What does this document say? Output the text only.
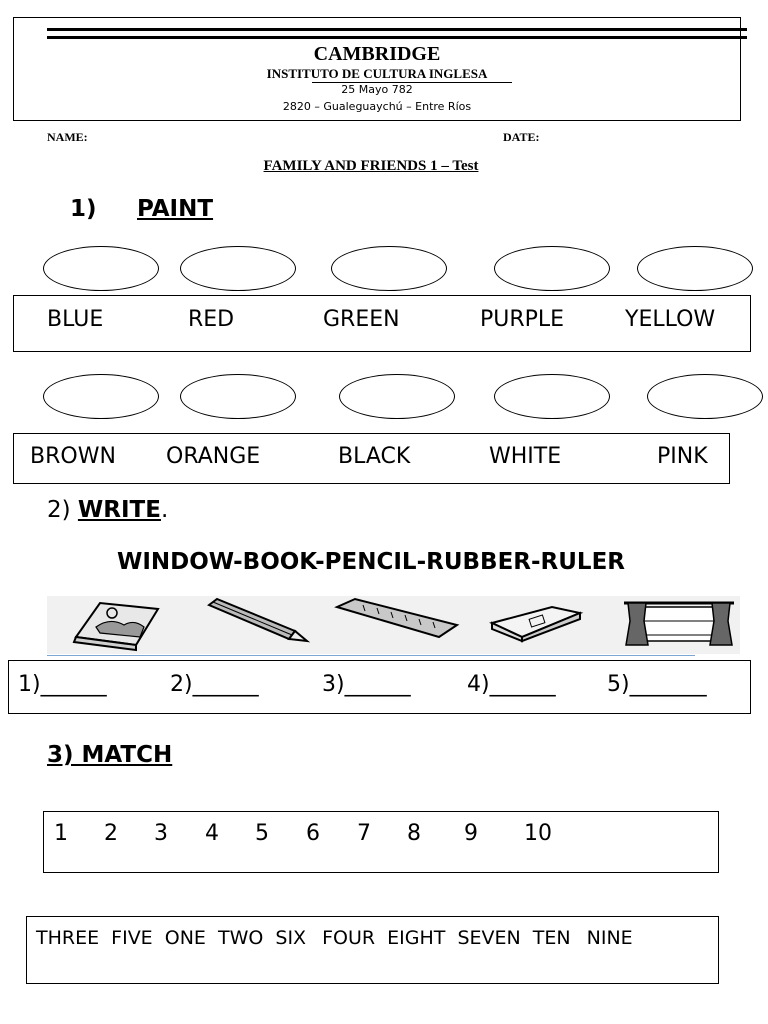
CAMBRIDGE
INSTITUTO DE CULTURA INGLESA
25 Mayo 782
2820 – Gualeguaychú – Entre Ríos
NAME:	DATE:
FAMILY AND FRIENDS 1 – Test
1) PAINT
BLUE	RED	GREEN	PURPLE	YELLOW
BROWN ORANGE	BLACK	WHITE	PINK
2) WRITE.
WINDOW-BOOK-PENCIL-RUBBER-RULER
1)______	2)______	3)______	4)______ 5)_______
3) MATCH
1 2 3 4 5 6 7 8 9 10
THREE FIVE ONE TWO SIX FOUR EIGHT SEVEN TEN NINE
